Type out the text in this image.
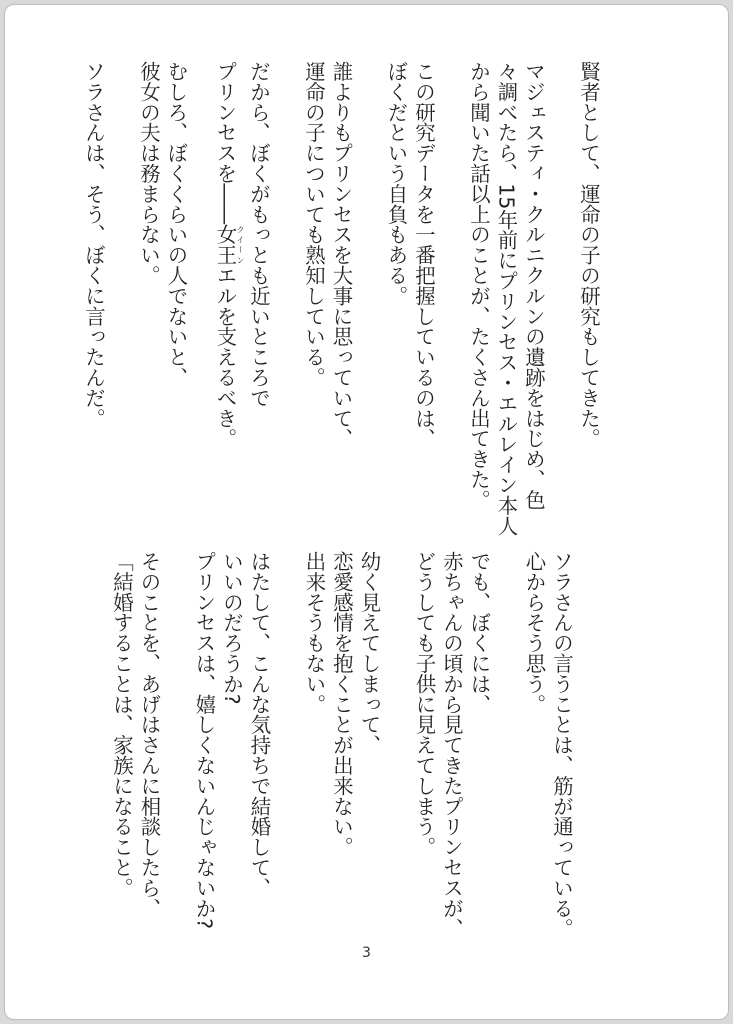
賢者として、運命の子の研究もしてきた。
マジェスティ・クルニクルンの遺跡をはじめ、色
々調べたら、15年前にプリンセス・エルレイン本人
から聞いた話以上のことが、たくさん出てきた。
この研究データを一番把握しているのは、
ぼくだという自負もある。
誰よりもプリンセスを大事に思っていて、
運命の子についても熟知している。
だから、ぼくがもっとも近いところで
プリンセスを――女王クイーンエルを支えるべき。
むしろ、ぼくくらいの人でないと、
彼女の夫は務まらない。
ソラさんは、そう、ぼくに言ったんだ。
ソラさんの言うことは、筋が通っている。
心からそう思う。
でも、ぼくには、
赤ちゃんの頃から見てきたプリンセスが、
どうしても子供に見えてしまう。
幼く見えてしまって、
恋愛感情を抱くことが出来ない。
出来そうもない。
はたして、こんな気持ちで結婚して、
いいのだろうか?
プリンセスは、嬉しくないんじゃないか?
そのことを、あげはさんに相談したら、
「結婚することは、家族になること。
3
